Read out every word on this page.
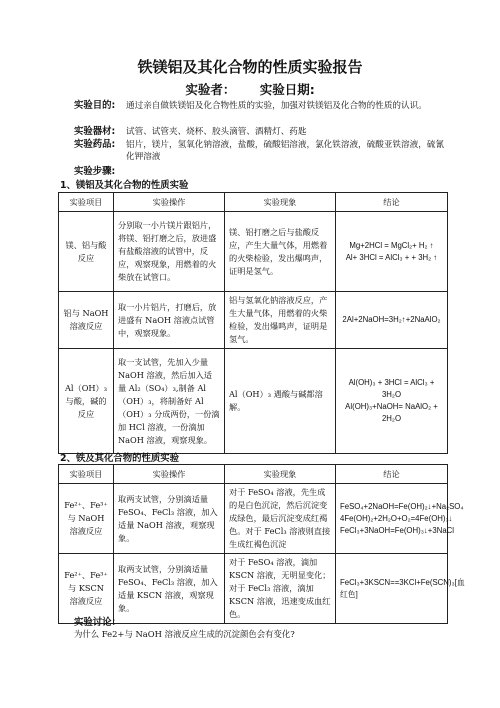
铁镁铝及其化合物的性质实验报告
实验者： 实验日期:
实验目的: 通过亲自做铁镁铝及化合物性质的实验，加强对铁镁铝及化合物的性质的认识。
实验器材: 试管、试管夹、烧杯、胶头滴管、酒精灯、药匙
实验药品: 铝片，镁片，氢氧化钠溶液，盐酸，硫酸铝溶液，氯化铁溶液，硫酸亚铁溶液，硫氰化钾溶液
实验步骤:
1、镁铝及其化合物的性质实验
实验项目	实验操作	实验现象	结论
镁、铝与酸反应	分别取一小片镁片跟铝片，将镁、铝打磨之后，放进盛有盐酸溶液的试管中，反应，观察现象，用燃着的火柴放在试管口。	镁、铝打磨之后与盐酸反应，产生大量气体，用燃着的火柴检验，发出爆鸣声，证明是氢气。	Mg+2HCl = MgCl₂+ H₂ ↑
Al+ 3HCl = AlCl₃ + + 3H₂ ↑

铝与 NaOH 溶液反应	取一小片铝片，打磨后，放进盛有 NaOH 溶液点试管中，观察现象。	铝与氢氧化钠溶液反应，产生大量气体，用燃着的火柴检验，发出爆鸣声，证明是氢气。	2Al+2NaOH=3H₂↑+2NaAlO₂

Al（OH）₃ 与酸，碱的反应	取一支试管，先加入少量 NaOH 溶液，然后加入适量 Al₂（SO₄）₃,制备 Al（OH）₃，将制备好 Al（OH）₃ 分成两份，一份滴加 HCl 溶液，一份滴加 NaOH 溶液，观察现象。	Al（OH）₃ 遇酸与碱都溶解。	Al(OH)₃ + 3HCl = AlCl₃ + 3H₂O
Al(OH)₃+NaOH= NaAlO₂ +
2H₂O
2、铁及其化合物的性质实验
实验项目	实验操作	实验现象	结论
Fe²⁺、Fe³⁺ 与 NaOH 溶液反应	取两支试管，分别滴适量 FeSO₄、FeCl₃ 溶液，加入适量 NaOH 溶液，观察现象。	对于 FeSO₄ 溶液，先生成的是白色沉淀，然后沉淀变成绿色，最后沉淀变成红褐色。对于 FeCl₃ 溶液则直接生成红褐色沉淀	FeSO₄+2NaOH=Fe(OH)₂↓+Na₂SO₄
4Fe(OH)₂+2H₂O+O₂=4Fe(OH)₃↓
FeCl₃+3NaOH=Fe(OH)₃↓+3NaCl

Fe²⁺、Fe³⁺ 与 KSCN 溶液反应	取两支试管，分别滴适量 FeSO₄、FeCl₃ 溶液，加入适量 KSCN 溶液，观察现象。	对于 FeSO₄ 溶液，滴加 KSCN 溶液，无明显变化；对于 FeCl₃ 溶液，滴加 KSCN 溶液，迅速变成血红色。	FeCl₃+3KSCN==3KCl+Fe(SCN)₃[血红色]
实验讨论：
为什么 Fe2+与 NaOH 溶液反应生成的沉淀颜色会有变化?
